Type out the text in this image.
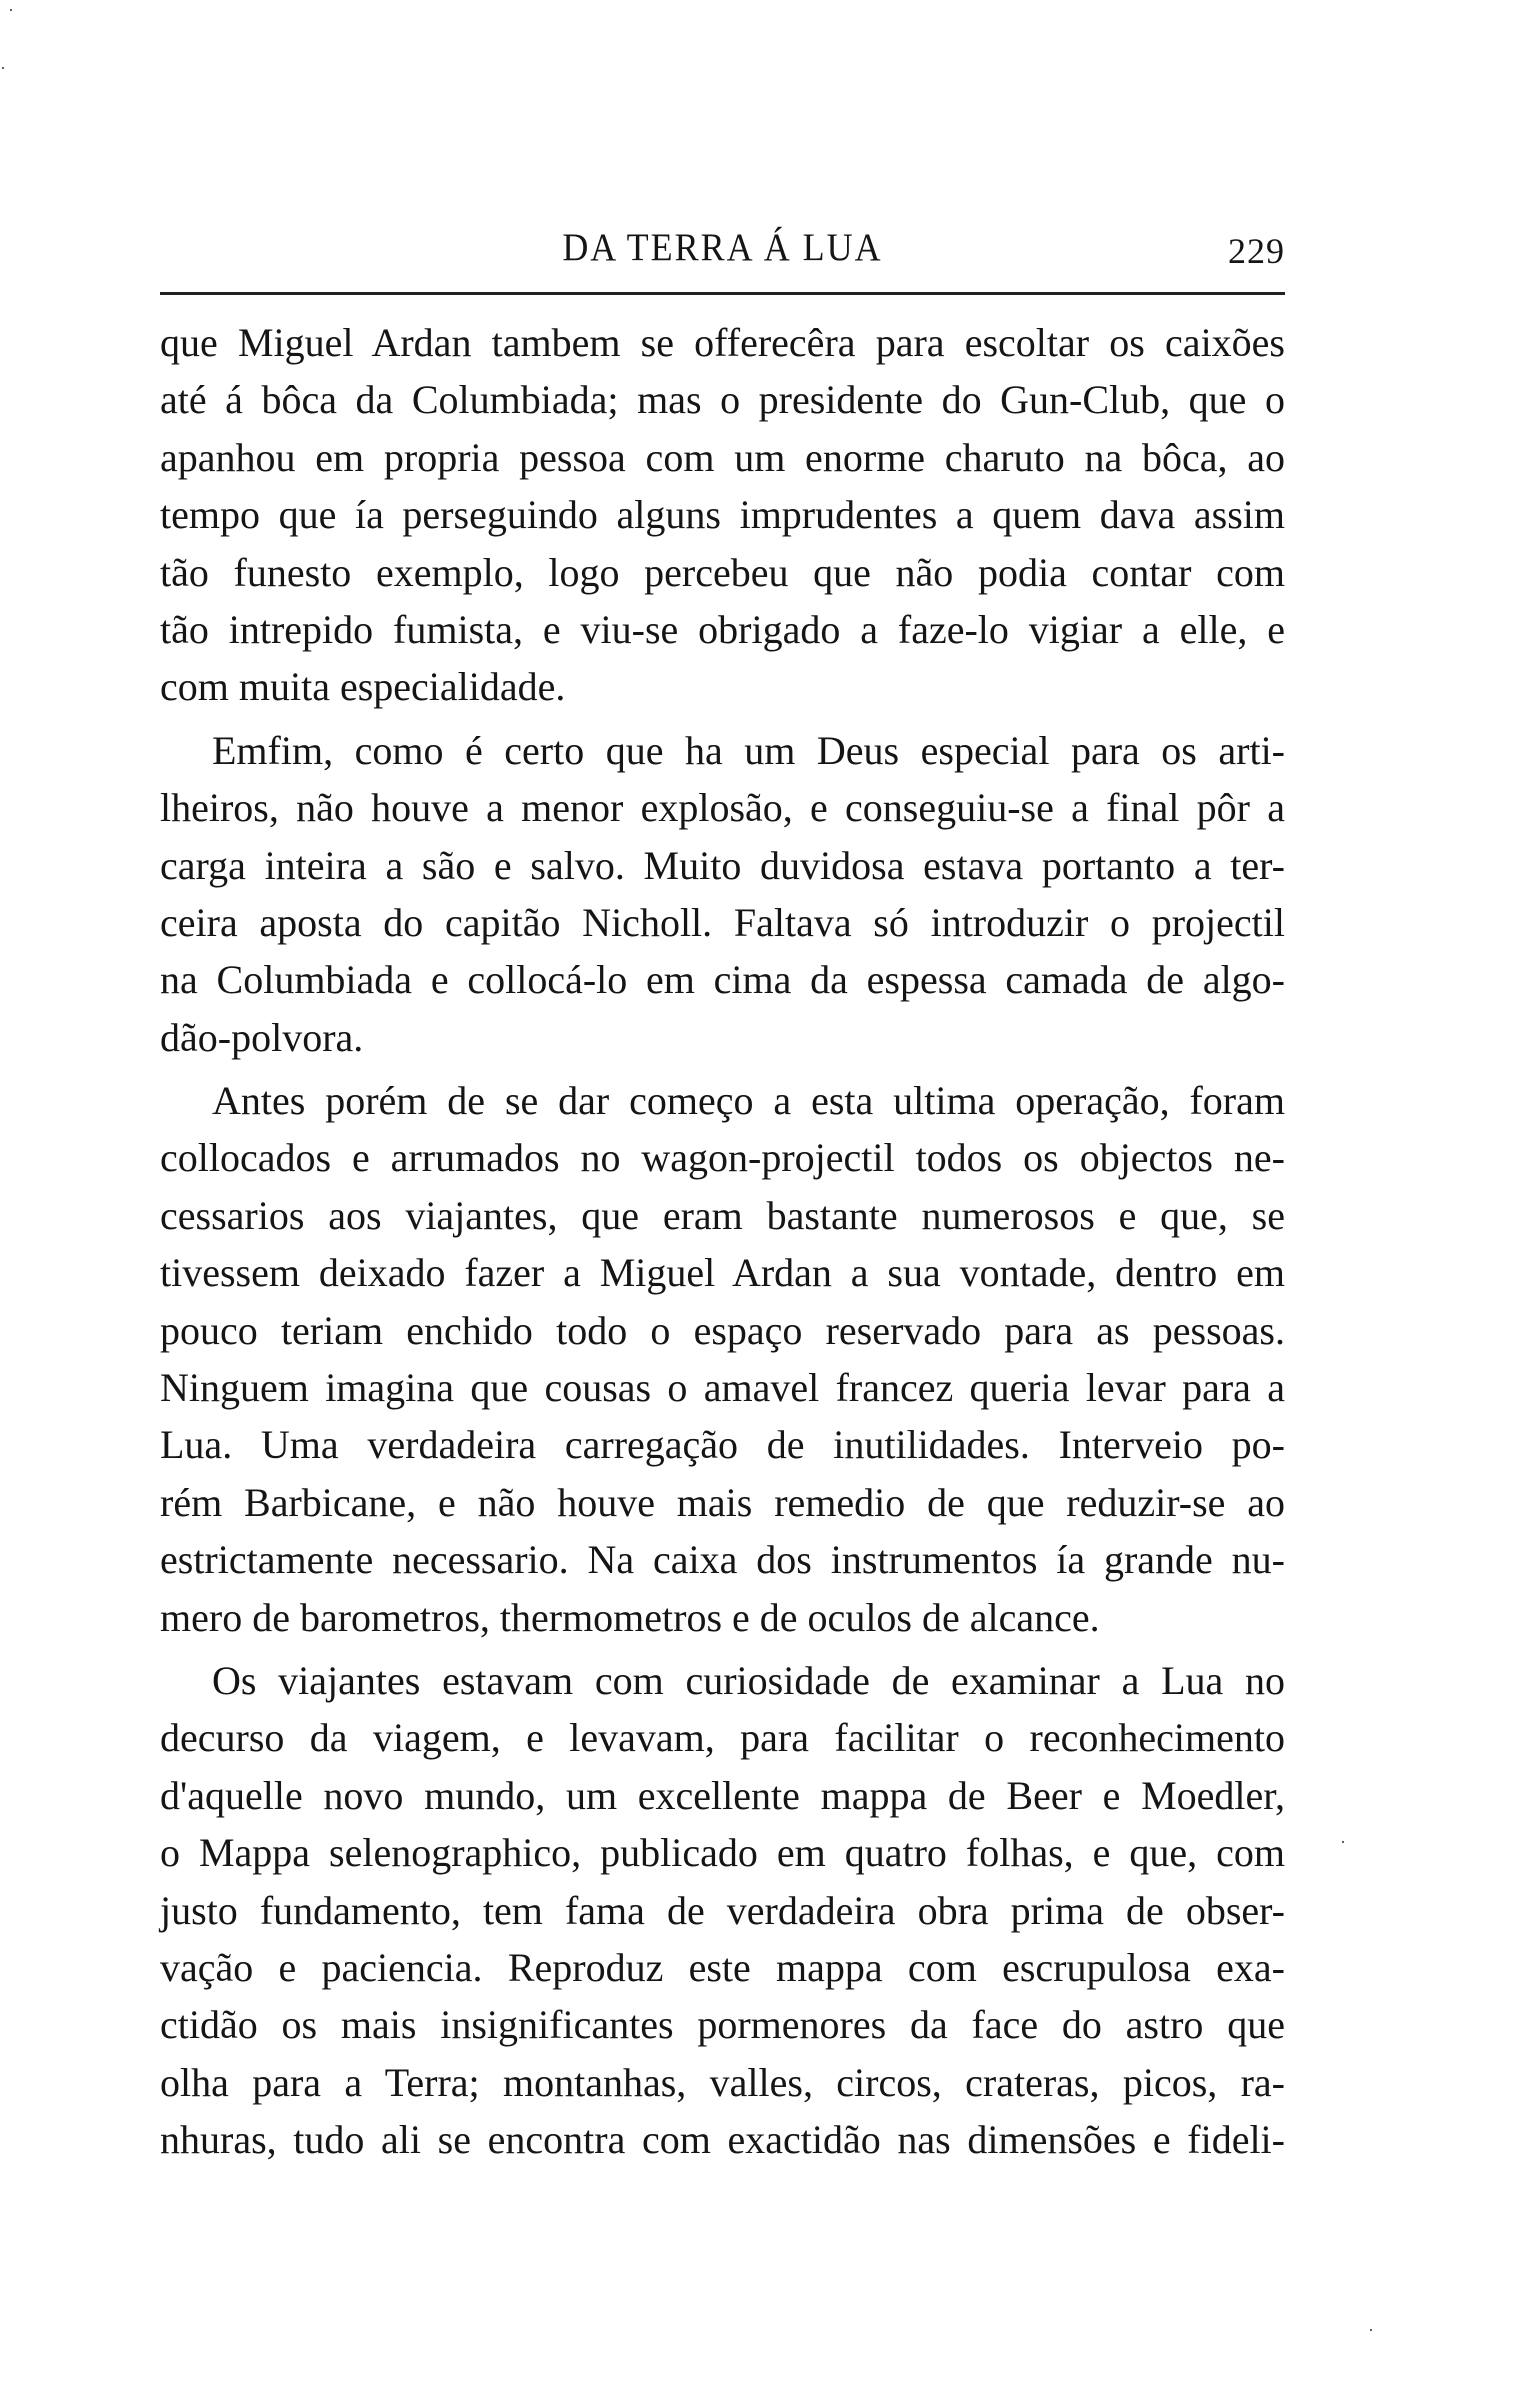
DA TERRA Á LUA	229
que Miguel Ardan tambem se offerecêra para escoltar os caixões
até á bôca da Columbiada; mas o presidente do Gun-Club, que o
apanhou em propria pessoa com um enorme charuto na bôca, ao
tempo que ía perseguindo alguns imprudentes a quem dava assim
tão funesto exemplo, logo percebeu que não podia contar com
tão intrepido fumista, e viu-se obrigado a faze-lo vigiar a elle, e
com muita especialidade.
Emfim, como é certo que ha um Deus especial para os arti-
lheiros, não houve a menor explosão, e conseguiu-se a final pôr a
carga inteira a são e salvo. Muito duvidosa estava portanto a ter-
ceira aposta do capitão Nicholl. Faltava só introduzir o projectil
na Columbiada e collocá-lo em cima da espessa camada de algo-
dão-polvora.
Antes porém de se dar começo a esta ultima operação, foram
collocados e arrumados no wagon-projectil todos os objectos ne-
cessarios aos viajantes, que eram bastante numerosos e que, se
tivessem deixado fazer a Miguel Ardan a sua vontade, dentro em
pouco teriam enchido todo o espaço reservado para as pessoas.
Ninguem imagina que cousas o amavel francez queria levar para a
Lua. Uma verdadeira carregação de inutilidades. Interveio po-
rém Barbicane, e não houve mais remedio de que reduzir-se ao
estrictamente necessario. Na caixa dos instrumentos ía grande nu-
mero de barometros, thermometros e de oculos de alcance.
Os viajantes estavam com curiosidade de examinar a Lua no
decurso da viagem, e levavam, para facilitar o reconhecimento
d'aquelle novo mundo, um excellente mappa de Beer e Moedler,
o Mappa selenographico, publicado em quatro folhas, e que, com
justo fundamento, tem fama de verdadeira obra prima de obser-
vação e paciencia. Reproduz este mappa com escrupulosa exa-
ctidão os mais insignificantes pormenores da face do astro que
olha para a Terra; montanhas, valles, circos, crateras, picos, ra-
nhuras, tudo ali se encontra com exactidão nas dimensões e fideli-
·
·
·
·
